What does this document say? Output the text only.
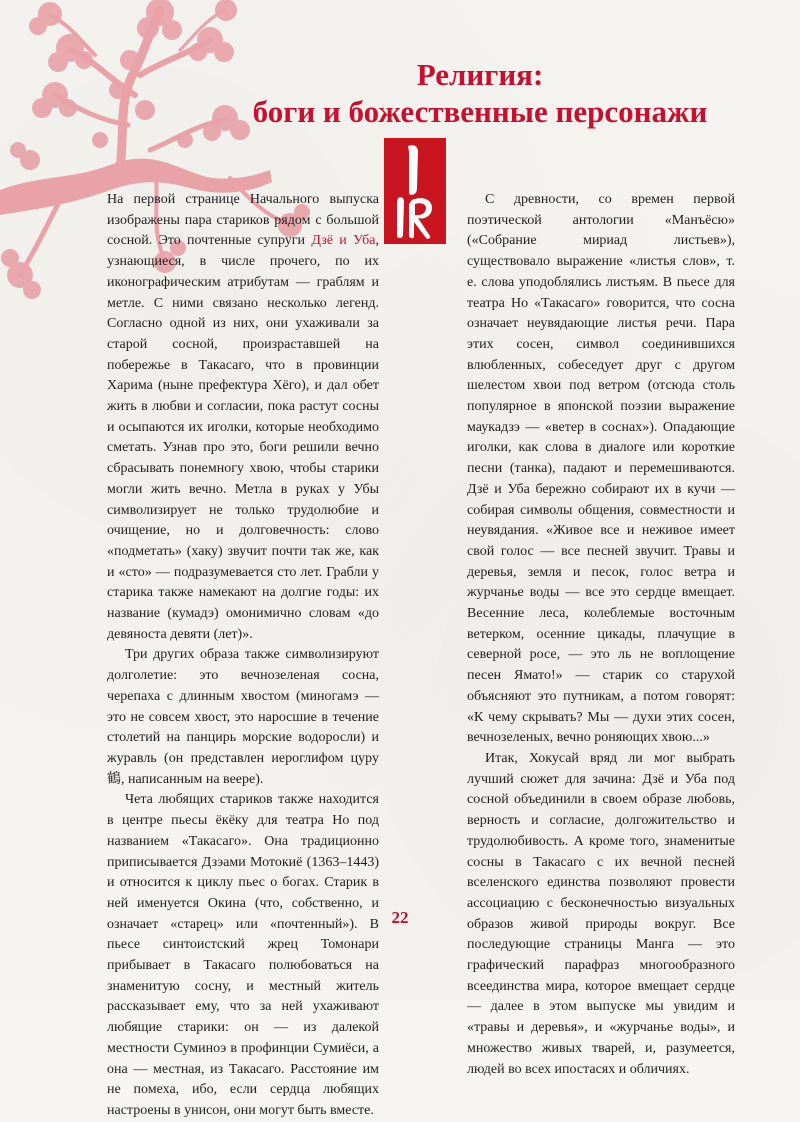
Религия:
боги и божественные персонажи

На первой странице Начального выпуска изображены пара стариков рядом с большой сосной. Это почтенные супруги Дзё и Уба, узнающиеся, в числе прочего, по их иконографическим атрибутам — граблям и метле. С ними связано несколько легенд. Согласно одной из них, они ухаживали за старой сосной, произраставшей на побережье в Такасаго, что в провинции Харима (ныне префектура Хёго), и дал обет жить в любви и согласии, пока растут сосны и осыпаются их иголки, которые необходимо сметать. Узнав про это, боги решили вечно сбрасывать понемногу хвою, чтобы старики могли жить вечно. Метла в руках у Убы символизирует не только трудолюбие и очищение, но и долговечность: слово «подметать» (хаку) звучит почти так же, как и «сто» — подразумевается сто лет. Грабли у старика также намекают на долгие годы: их название (кумадэ) омонимично словам «до девяноста девяти (лет)».

Три других образа также символизируют долголетие: это вечнозеленая сосна, черепаха с длинным хвостом (миногамэ — это не совсем хвост, это наросшие в течение столетий на панцирь морские водоросли) и журавль (он представлен иероглифом цуру 鶴, написанным на веере).

Чета любящих стариков также находится в центре пьесы ёкёку для театра Но под названием «Такасаго». Она традиционно приписывается Дзэами Мотокиё (1363–1443) и относится к циклу пьес о богах. Старик в ней именуется Окина (что, собственно, и означает «старец» или «почтенный»). В пьесе синтоистский жрец Томонари прибывает в Такасаго полюбоваться на знаменитую сосну, и местный житель рассказывает ему, что за ней ухаживают любящие старики: он — из далекой местности Суминоэ в профинции Сумиёси, а она — местная, из Такасаго. Расстояние им не помеха, ибо, если сердца любящих настроены в унисон, они могут быть вместе.

С древности, со времен первой поэтической антологии «Манъёсю» («Собрание мириад листьев»), существовало выражение «листья слов», т. е. слова уподоблялись листьям. В пьесе для театра Но «Такасаго» говорится, что сосна означает неувядающие листья речи. Пара этих сосен, символ соединившихся влюбленных, собеседует друг с другом шелестом хвои под ветром (отсюда столь популярное в японской поэзии выражение маукадзэ — «ветер в соснах»). Опадающие иголки, как слова в диалоге или короткие песни (танка), падают и перемешиваются. Дзё и Уба бережно собирают их в кучи — собирая символы общения, совместности и неувядания. «Живое все и неживое имеет свой голос — все песней звучит. Травы и деревья, земля и песок, голос ветра и журчанье воды — все это сердце вмещает. Весенние леса, колеблемые восточным ветерком, осенние цикады, плачущие в северной росе, — это ль не воплощение песен Ямато!» — старик со старухой объясняют это путникам, а потом говорят: «К чему скрывать? Мы — духи этих сосен, вечнозеленых, вечно роняющих хвою...»

Итак, Хокусай вряд ли мог выбрать лучший сюжет для зачина: Дзё и Уба под сосной объединили в своем образе любовь, верность и согласие, долгожительство и трудолюбивость. А кроме того, знаменитые сосны в Такасаго с их вечной песней вселенского единства позволяют провести ассоциацию с бесконечностью визуальных образов живой природы вокруг. Все последующие страницы Манга — это графический парафраз многообразного всеединства мира, которое вмещает сердце — далее в этом выпуске мы увидим и «травы и деревья», и «журчанье воды», и множество живых тварей, и, разумеется, людей во всех ипостасях и обличиях.

22
